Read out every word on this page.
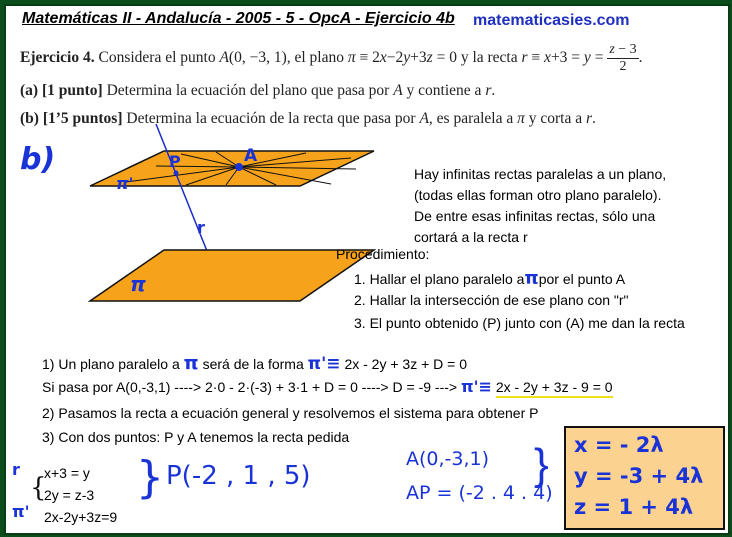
Matemáticas II - Andalucía - 2005 - 5 - OpcA - Ejercicio 4b matematicasies.com
Ejercicio 4. Considera el punto A(0, −3, 1), el plano π ≡ 2x−2y+3z = 0 y la recta $r \equiv x+3 = y = \frac{z - 3}{2}$ .
(a) [1 punto] Determina la ecuación del plano que pasa por A y contiene a r.
(b) [1’5 puntos] Determina la ecuación de la recta que pasa por A, es paralela a π y corta a r.
b)	P	A
π'
r
π
Hay infinitas rectas paralelas a un plano,
(todas ellas forman otro plano paralelo).
De entre esas infinitas rectas, sólo una
cortará a la recta r
Procedimiento:
1. Hallar el plano paralelo aπpor el punto A
2. Hallar la intersección de ese plano con "r"
3. El punto obtenido (P) junto con (A) me dan la recta
1) Un plano paralelo a π será de la forma π'≡ 2x - 2y + 3z + D = 0
Si pasa por A(0,-3,1) ----> 2·0 - 2·(-3) + 3·1 + D = 0 ----> D = -9 ---> π'≡ 2x - 2y + 3z - 9 = 0
2) Pasamos la recta a ecuación general y resolvemos el sistema para obtener P
3) Con dos puntos: P y A tenemos la recta pedida
r
π'
{
x+3 = y
2y = z-3
2x-2y+3z=9
} P(-2 , 1 , 5)
A(0,-3,1)
AP = (-2 . 4 . 4)
} x = - 2λ
y = -3 + 4λ
z = 1 + 4λ
